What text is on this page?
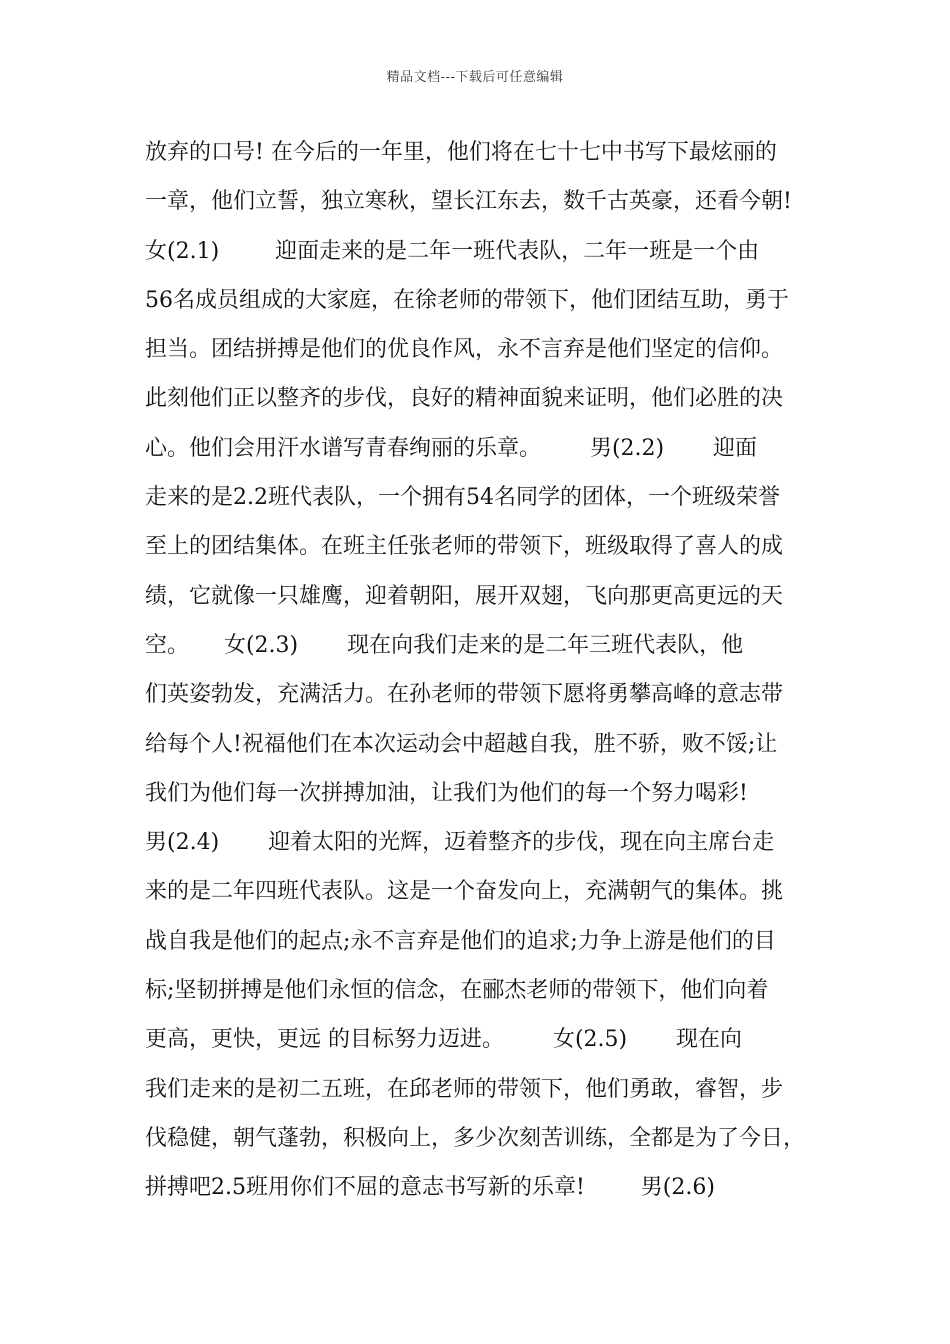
精品文档---下载后可任意编辑
放弃的口号! 在今后的一年里，他们将在七十七中书写下最炫丽的
一章，他们立誓，独立寒秋，望长江东去，数千古英豪，还看今朝!
女(2.1)        迎面走来的是二年一班代表队，二年一班是一个由
56名成员组成的大家庭，在徐老师的带领下，他们团结互助，勇于
担当。团结拼搏是他们的优良作风，永不言弃是他们坚定的信仰。
此刻他们正以整齐的步伐，良好的精神面貌来证明，他们必胜的决
心。他们会用汗水谱写青春绚丽的乐章。       男(2.2)       迎面
走来的是2.2班代表队，一个拥有54名同学的团体，一个班级荣誉
至上的团结集体。在班主任张老师的带领下，班级取得了喜人的成
绩，它就像一只雄鹰，迎着朝阳，展开双翅，飞向那更高更远的天
空。     女(2.3)       现在向我们走来的是二年三班代表队，他
们英姿勃发，充满活力。在孙老师的带领下愿将勇攀高峰的意志带
给每个人!祝福他们在本次运动会中超越自我，胜不骄，败不馁;让
我们为他们每一次拼搏加油，让我们为他们的每一个努力喝彩!
男(2.4)       迎着太阳的光辉，迈着整齐的步伐，现在向主席台走
来的是二年四班代表队。这是一个奋发向上，充满朝气的集体。挑
战自我是他们的起点;永不言弃是他们的追求;力争上游是他们的目
标;坚韧拼搏是他们永恒的信念，在郦杰老师的带领下，他们向着
更高，更快，更远 的目标努力迈进。       女(2.5)       现在向
我们走来的是初二五班，在邱老师的带领下，他们勇敢，睿智，步
伐稳健，朝气蓬勃，积极向上，多少次刻苦训练，全都是为了今日，
拼搏吧2.5班用你们不屈的意志书写新的乐章!        男(2.6)
